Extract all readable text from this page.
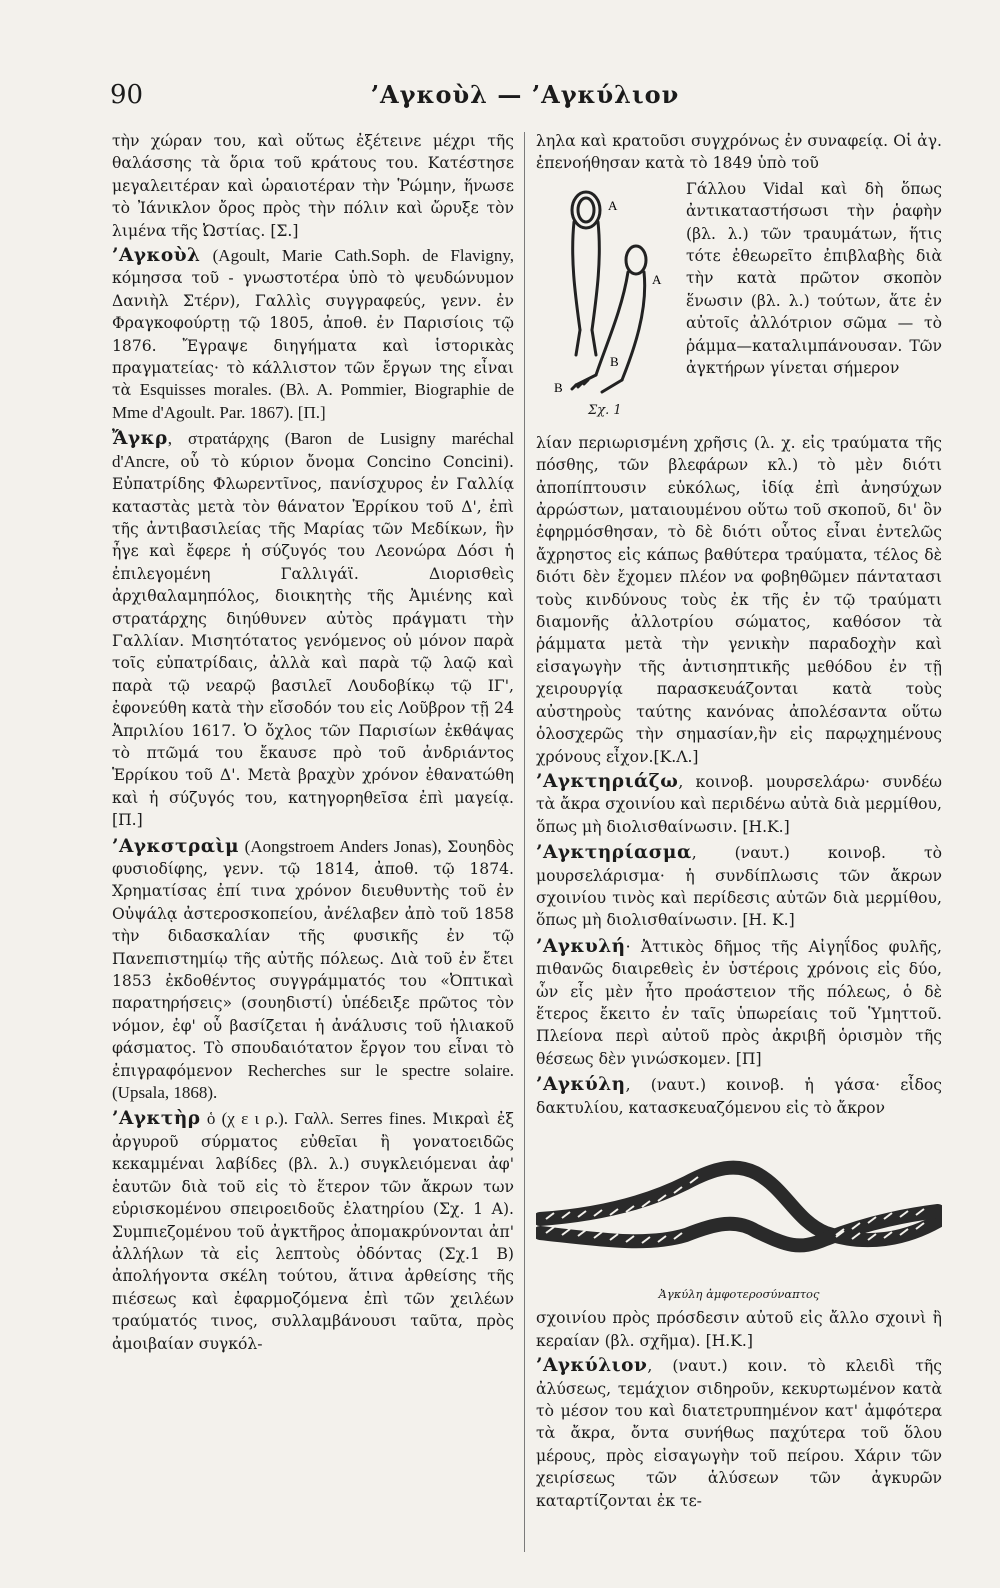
90	’Αγκοὺλ — ’Αγκύλιον

τὴν χώραν του, καὶ οὕτως ἐξέτεινε μέχρι τῆς θαλάσσης τὰ ὅρια τοῦ κράτους του. Κατέστησε μεγαλειτέραν καὶ ὡραιοτέραν τὴν Ῥώμην, ἥνωσε τὸ Ἰάνικλον ὄρος πρὸς τὴν πόλιν καὶ ὤρυξε τὸν λιμένα τῆς Ὠστίας. [Σ.]

’Αγκοὺλ (Agoult, Marie Cath.Soph. de Flavigny, κόμησσα τοῦ - γνωστοτέρα ὑπὸ τὸ ψευδώνυμον Δανιὴλ Στέρν), Γαλλὶς συγγραφεύς, γενν. ἐν Φραγκοφούρτῃ τῷ 1805, ἀποθ. ἐν Παρισίοις τῷ 1876. Ἔγραψε διηγήματα καὶ ἱστορικὰς πραγματείας· τὸ κάλλιστον τῶν ἔργων της εἶναι τὰ Esquisses morales. (Βλ. Α. Pommier, Biographie de Mme d'Agoult. Par. 1867). [Π.]

Ἄγκρ, στρατάρχης (Baron de Lusigny maréchal d'Ancre, οὗ τὸ κύριον ὄνομα Concino Concini). Εὐπατρίδης Φλωρεντῖνος, πανίσχυρος ἐν Γαλλίᾳ καταστὰς μετὰ τὸν θάνατον Ἑρρίκου τοῦ Δ', ἐπὶ τῆς ἀντιβασιλείας τῆς Μαρίας τῶν Μεδίκων, ἣν ἦγε καὶ ἔφερε ἡ σύζυγός του Λεονώρα Δόσι ἡ ἐπιλεγομένη Γαλλιγάϊ. Διορισθεὶς ἀρχιθαλαμηπόλος, διοικητὴς τῆς Ἀμιένης καὶ στρατάρχης διηύθυνεν αὐτὸς πράγματι τὴν Γαλλίαν. Μισητότατος γενόμενος οὐ μόνον παρὰ τοῖς εὐπατρίδαις, ἀλλὰ καὶ παρὰ τῷ λαῷ καὶ παρὰ τῷ νεαρῷ βασιλεῖ Λουδοβίκῳ τῷ ΙΓ', ἐφονεύθη κατὰ τὴν εἴσοδόν του εἰς Λοῦβρον τῇ 24 Ἀπριλίου 1617. Ὁ ὄχλος τῶν Παρισίων ἐκθάψας τὸ πτῶμά του ἔκαυσε πρὸ τοῦ ἀνδριάντος Ἑρρίκου τοῦ Δ'. Μετὰ βραχὺν χρόνον ἐθανατώθη καὶ ἡ σύζυγός του, κατηγορηθεῖσα ἐπὶ μαγείᾳ. [Π.]

’Αγκστραὶμ (Aongstroem Anders Jonas), Σουηδὸς φυσιοδίφης, γενν. τῷ 1814, ἀποθ. τῷ 1874. Χρηματίσας ἐπί τινα χρόνον διευθυντὴς τοῦ ἐν Οὐψάλᾳ ἀστεροσκοπείου, ἀνέλαβεν ἀπὸ τοῦ 1858 τὴν διδασκαλίαν τῆς φυσικῆς ἐν τῷ Πανεπιστημίῳ τῆς αὐτῆς πόλεως. Διὰ τοῦ ἐν ἔτει 1853 ἐκδοθέντος συγγράμματός του «Ὀπτικαὶ παρατηρήσεις» (σουηδιστί) ὑπέδειξε πρῶτος τὸν νόμον, ἐφ' οὗ βασίζεται ἡ ἀνάλυσις τοῦ ἡλιακοῦ φάσματος. Τὸ σπουδαιότατον ἔργον του εἶναι τὸ ἐπιγραφόμενον Recherches sur le spectre solaire. (Upsala, 1868).

’Αγκτὴρ ὁ (χ ε ι ρ.). Γαλλ. Serres fines. Μικραὶ ἐξ ἀργυροῦ σύρματος εὐθεῖαι ἢ γονατοειδῶς κεκαμμέναι λαβίδες (βλ. λ.) συγκλειόμεναι ἀφ' ἑαυτῶν διὰ τοῦ εἰς τὸ ἕτερον τῶν ἄκρων των εὑρισκομένου σπειροειδοῦς ἐλατηρίου (Σχ. 1 Α). Συμπιεζομένου τοῦ ἀγκτῆρος ἀπομακρύνονται ἀπ' ἀλλήλων τὰ εἰς λεπτοὺς ὀδόντας (Σχ.1 Β) ἀπολήγοντα σκέλη τούτου, ἅτινα ἀρθείσης τῆς πιέσεως καὶ ἐφαρμοζόμενα ἐπὶ τῶν χειλέων τραύματός τινος, συλλαμβάνουσι ταῦτα, πρὸς ἀμοιβαίαν συγκόλ-

ληλα καὶ κρατοῦσι συγχρόνως ἐν συναφείᾳ. Οἱ ἀγ. ἐπενοήθησαν κατὰ τὸ 1849 ὑπὸ τοῦ

A
A
B
B
Σχ. 1
Γάλλου Vidal καὶ δὴ ὅπως ἀντικαταστήσωσι τὴν ῥαφὴν (βλ. λ.) τῶν τραυμάτων, ἥτις τότε ἐθεωρεῖτο ἐπιβλαβὴς διὰ τὴν κατὰ πρῶτον σκοπὸν ἕνωσιν (βλ. λ.) τούτων, ἅτε ἐν αὐτοῖς ἀλλότριον σῶμα — τὸ ῥάμμα—καταλιμπάνουσαν. Τῶν ἀγκτήρων γίνεται σήμερον

λίαν περιωρισμένη χρῆσις (λ. χ. εἰς τραύματα τῆς πόσθης, τῶν βλεφάρων κλ.) τὸ μὲν διότι ἀποπίπτουσιν εὐκόλως, ἰδίᾳ ἐπὶ ἀνησύχων ἀρρώστων, ματαιουμένου οὕτω τοῦ σκοποῦ, δι' ὃν ἐφηρμόσθησαν, τὸ δὲ διότι οὗτος εἶναι ἐντελῶς ἄχρηστος εἰς κάπως βαθύτερα τραύματα, τέλος δὲ διότι δὲν ἔχομεν πλέον να φοβηθῶμεν πάντατασι τοὺς κινδύνους τοὺς ἐκ τῆς ἐν τῷ τραύματι διαμονῆς ἀλλοτρίου σώματος, καθόσον τὰ ῥάμματα μετὰ τὴν γενικὴν παραδοχὴν καὶ εἰσαγωγὴν τῆς ἀντισηπτικῆς μεθόδου ἐν τῇ χειρουργίᾳ παρασκευάζονται κατὰ τοὺς αὐστηροὺς ταύτης κανόνας ἀπολέσαντα οὕτω ὁλοσχερῶς τὴν σημασίαν,ἣν εἰς παρῳχημένους χρόνους εἶχον.[Κ.Λ.]

’Αγκτηριάζω, κοινοβ. μουρσελάρω· συνδέω τὰ ἄκρα σχοινίου καὶ περιδένω αὐτὰ διὰ μερμίθου, ὅπως μὴ διολισθαίνωσιν. [Η.Κ.]

’Αγκτηρίασμα, (ναυτ.) κοινοβ. τὸ μουρσελάρισμα· ἡ συνδίπλωσις τῶν ἄκρων σχοινίου τινὸς καὶ περίδεσις αὐτῶν διὰ μερμίθου, ὅπως μὴ διολισθαίνωσιν. [Η. Κ.]

’Αγκυλή· Ἀττικὸς δῆμος τῆς Αἰγηΐδος φυλῆς, πιθανῶς διαιρεθεὶς ἐν ὑστέροις χρόνοις εἰς δύο, ὧν εἷς μὲν ἦτο προάστειον τῆς πόλεως, ὁ δὲ ἕτερος ἔκειτο ἐν ταῖς ὑπωρείαις τοῦ Ὑμηττοῦ. Πλείονα περὶ αὐτοῦ πρὸς ἀκριβῆ ὁρισμὸν τῆς θέσεως δὲν γινώσκομεν. [Π]

’Αγκύλη, (ναυτ.) κοινοβ. ἡ γάσα· εἶδος δακτυλίου, κατασκευαζόμενου εἰς τὸ ἄκρον

Ἀγκύλη ἀμφοτεροσύναπτος

σχοινίου πρὸς πρόσδεσιν αὐτοῦ εἰς ἄλλο σχοινὶ ἢ κεραίαν (βλ. σχῆμα). [Η.Κ.]

’Αγκύλιον, (ναυτ.) κοιν. τὸ κλειδὶ τῆς ἀλύσεως, τεμάχιον σιδηροῦν, κεκυρτωμένον κατὰ τὸ μέσον του καὶ διατετρυπημένον κατ' ἀμφότερα τὰ ἄκρα, ὄντα συνήθως παχύτερα τοῦ ὅλου μέρους, πρὸς εἰσαγωγὴν τοῦ πείρου. Χάριν τῶν χειρίσεως τῶν ἁλύσεων τῶν ἀγκυρῶν καταρτίζονται ἐκ τε-
